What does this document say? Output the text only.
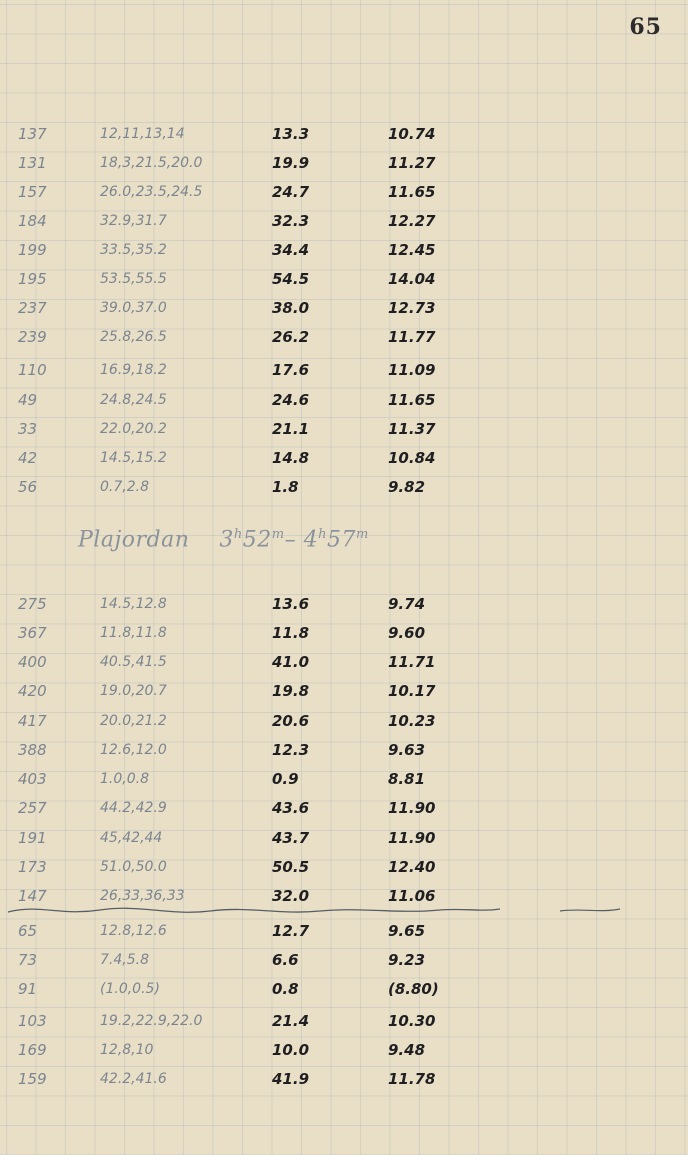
65
137	12,11,13,14	13.3	10.74
131	18,3,21.5,20.0	19.9	11.27
157	26.0,23.5,24.5	24.7	11.65
184	32.9,31.7	32.3	12.27
199	33.5,35.2	34.4	12.45
195	53.5,55.5	54.5	14.04
237	39.0,37.0	38.0	12.73
239	25.8,26.5	26.2	11.77
110	16.9,18.2	17.6	11.09
49	24.8,24.5	24.6	11.65
33	22.0,20.2	21.1	11.37
42	14.5,15.2	14.8	10.84
56	0.7,2.8	1.8	9.82
Plajordan 3$^h$52$^m$– 4$^h$57$^m$
275	14.5,12.8	13.6	9.74
367	11.8,11.8	11.8	9.60
400	40.5,41.5	41.0	11.71
420	19.0,20.7	19.8	10.17
417	20.0,21.2	20.6	10.23
388	12.6,12.0	12.3	9.63
403	1.0,0.8	0.9	8.81
257	44.2,42.9	43.6	11.90
191	45,42,44	43.7	11.90
173	51.0,50.0	50.5	12.40
147	26,33,36,33	32.0	11.06
65	12.8,12.6	12.7	9.65
73	7.4,5.8	6.6	9.23
91	(1.0,0.5)	0.8	(8.80)
103	19.2,22.9,22.0	21.4	10.30
169	12,8,10	10.0	9.48
159	42.2,41.6	41.9	11.78
